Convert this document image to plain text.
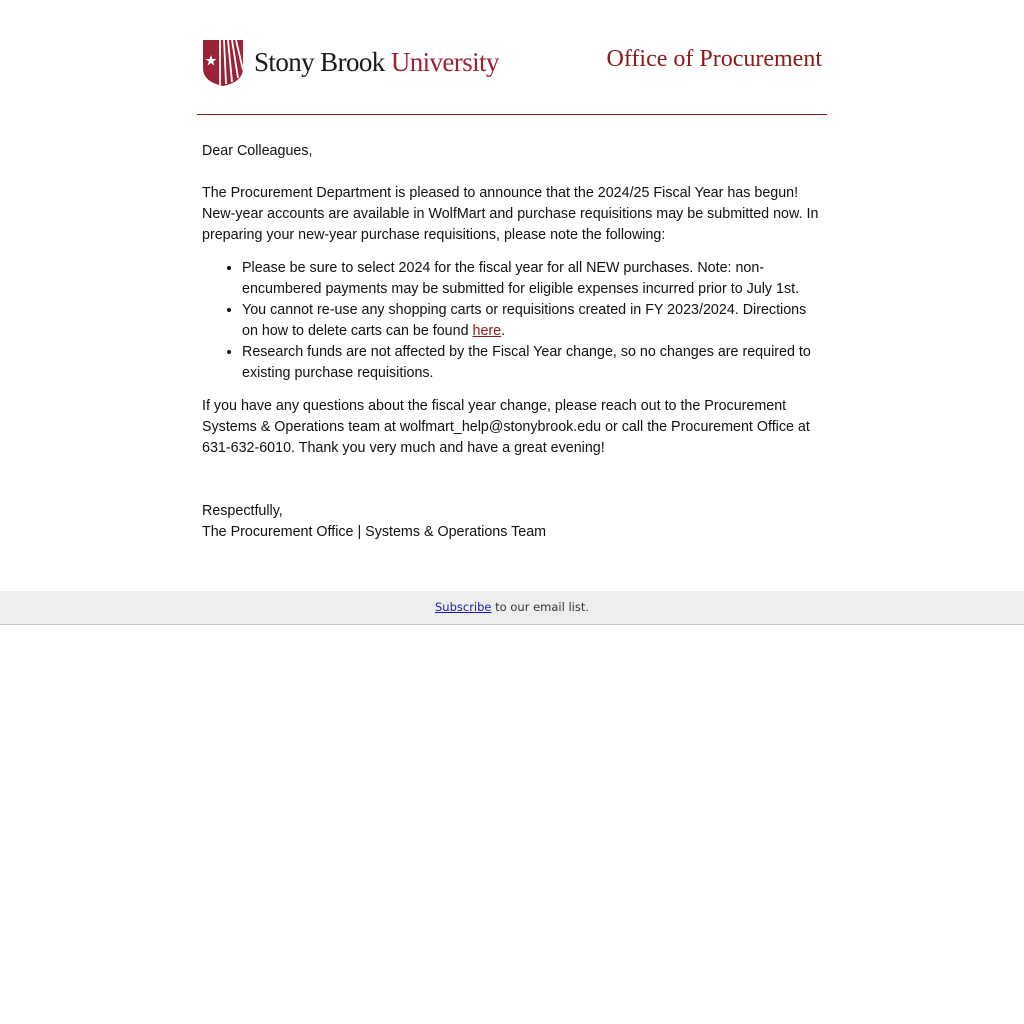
Stony Brook University	Office of Procurement

Dear Colleagues,

The Procurement Department is pleased to announce that the 2024/25 Fiscal Year has begun! New-year accounts are available in WolfMart and purchase requisitions may be submitted now. In preparing your new-year purchase requisitions, please note the following:

• Please be sure to select 2024 for the fiscal year for all NEW purchases. Note: non-encumbered payments may be submitted for eligible expenses incurred prior to July 1st.
• You cannot re-use any shopping carts or requisitions created in FY 2023/2024. Directions on how to delete carts can be found here.
• Research funds are not affected by the Fiscal Year change, so no changes are required to existing purchase requisitions.

If you have any questions about the fiscal year change, please reach out to the Procurement Systems & Operations team at wolfmart_help@stonybrook.edu or call the Procurement Office at 631-632-6010. Thank you very much and have a great evening!

Respectfully,

The Procurement Office | Systems & Operations Team

Subscribe to our email list.
